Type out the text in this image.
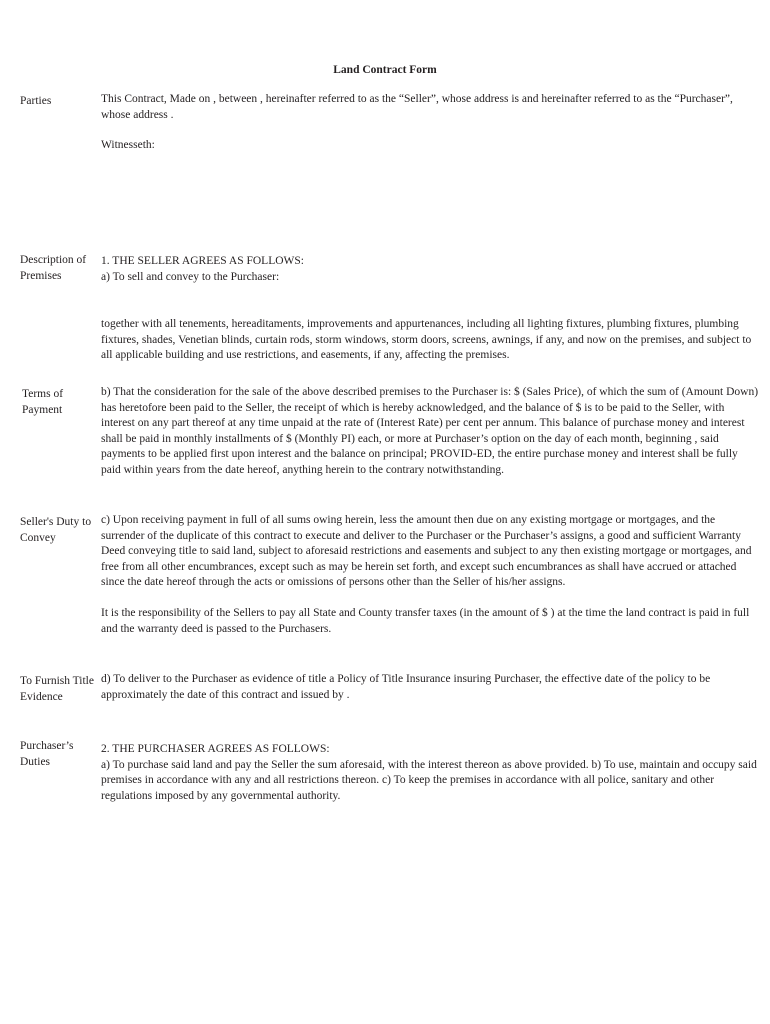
Land Contract Form
Parties	This Contract, Made on , between , hereinafter referred to as the “Seller”, whose address is and hereinafter referred to as the “Purchaser”, whose address .

Witnesseth:

Description of Premises

1. THE SELLER AGREES AS FOLLOWS:

a) To sell and convey to the Purchaser:

together with all tenements, hereaditaments, improvements and appurtenances, including all lighting fixtures, plumbing fixtures, plumbing fixtures, shades, Venetian blinds, curtain rods, storm windows, storm doors, screens, awnings, if any, and now on the premises, and subject to all applicable building and use restrictions, and easements, if any, affecting the premises.

Terms of Payment

b) That the consideration for the sale of the above described premises to the Purchaser is: $ (Sales Price), of which the sum of (Amount Down) has heretofore been paid to the Seller, the receipt of which is hereby acknowledged, and the balance of $ is to be paid to the Seller, with interest on any part thereof at any time unpaid at the rate of (Interest Rate) per cent per annum. This balance of purchase money and interest shall be paid in monthly installments of $ (Monthly PI) each, or more at Purchaser’s option on the day of each month, beginning , said payments to be applied first upon interest and the balance on principal; PROVID-ED, the entire purchase money and interest shall be fully paid within years from the date hereof, anything herein to the contrary notwithstanding.

Seller's Duty to Convey

c) Upon receiving payment in full of all sums owing herein, less the amount then due on any existing mortgage or mortgages, and the surrender of the duplicate of this contract to execute and deliver to the Purchaser or the Purchaser’s assigns, a good and sufficient Warranty Deed conveying title to said land, subject to aforesaid restrictions and easements and subject to any then existing mortgage or mortgages, and free from all other encumbrances, except such as may be herein set forth, and except such encumbrances as shall have accrued or attached since the date hereof through the acts or omissions of persons other than the Seller of his/her assigns.

It is the responsibility of the Sellers to pay all State and County transfer taxes (in the amount of $ ) at the time the land contract is paid in full and the warranty deed is passed to the Purchasers.

To Furnish Title Evidence

d) To deliver to the Purchaser as evidence of title a Policy of Title Insurance insuring Purchaser, the effective date of the policy to be approximately the date of this contract and issued by .

Purchaser’s Duties

2. THE PURCHASER AGREES AS FOLLOWS:

a) To purchase said land and pay the Seller the sum aforesaid, with the interest thereon as above provided. b) To use, maintain and occupy said premises in accordance with any and all restrictions thereon. c) To keep the premises in accordance with all police, sanitary and other regulations imposed by any governmental authority.
